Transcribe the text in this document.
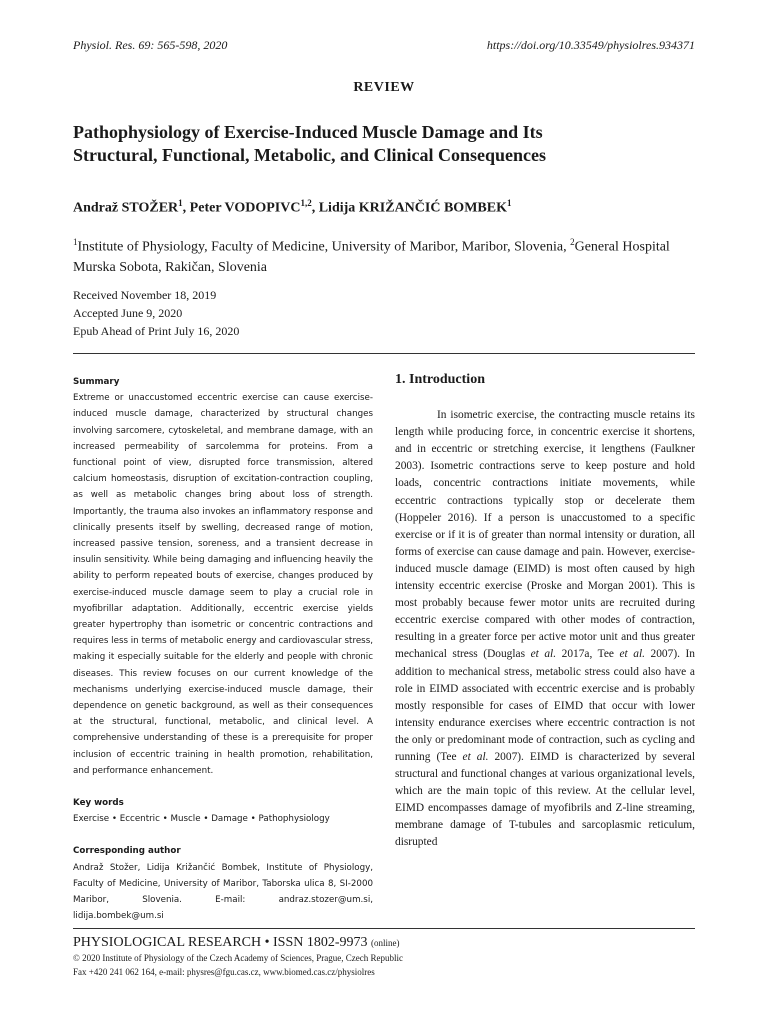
Physiol. Res. 69: 565-598, 2020	https://doi.org/10.33549/physiolres.934371
REVIEW
Pathophysiology of Exercise-Induced Muscle Damage and Its
Structural, Functional, Metabolic, and Clinical Consequences
Andraž STOŽER$^1$, Peter VODOPIVC$^{1,2}$, Lidija KRIŽANČIĆ BOMBEK$^1$
$^1$Institute of Physiology, Faculty of Medicine, University of Maribor, Maribor, Slovenia, $^2$General Hospital Murska Sobota, Rakičan, Slovenia
Received November 18, 2019
Accepted June 9, 2020
Epub Ahead of Print July 16, 2020

Summary

Extreme or unaccustomed eccentric exercise can cause exercise-induced muscle damage, characterized by structural changes involving sarcomere, cytoskeletal, and membrane damage, with an increased permeability of sarcolemma for proteins. From a functional point of view, disrupted force transmission, altered calcium homeostasis, disruption of excitation-contraction coupling, as well as metabolic changes bring about loss of strength. Importantly, the trauma also invokes an inflammatory response and clinically presents itself by swelling, decreased range of motion, increased passive tension, soreness, and a transient decrease in insulin sensitivity. While being damaging and influencing heavily the ability to perform repeated bouts of exercise, changes produced by exercise-induced muscle damage seem to play a crucial role in myofibrillar adaptation. Additionally, eccentric exercise yields greater hypertrophy than isometric or concentric contractions and requires less in terms of metabolic energy and cardiovascular stress, making it especially suitable for the elderly and people with chronic diseases. This review focuses on our current knowledge of the mechanisms underlying exercise-induced muscle damage, their dependence on genetic background, as well as their consequences at the structural, functional, metabolic, and clinical level. A comprehensive understanding of these is a prerequisite for proper inclusion of eccentric training in health promotion, rehabilitation, and performance enhancement.

Key words

Exercise • Eccentric • Muscle • Damage • Pathophysiology

Corresponding author

Andraž Stožer, Lidija Križančić Bombek, Institute of Physiology, Faculty of Medicine, University of Maribor, Taborska ulica 8, SI-2000 Maribor, Slovenia. E-mail: andraz.stozer@um.si, lidija.bombek@um.si

1. Introduction

In isometric exercise, the contracting muscle retains its length while producing force, in concentric exercise it shortens, and in eccentric or stretching exercise, it lengthens (Faulkner 2003). Isometric contractions serve to keep posture and hold loads, concentric contractions initiate movements, while eccentric contractions typically stop or decelerate them (Hoppeler 2016). If a person is unaccustomed to a specific exercise or if it is of greater than normal intensity or duration, all forms of exercise can cause damage and pain. However, exercise-induced muscle damage (EIMD) is most often caused by high intensity eccentric exercise (Proske and Morgan 2001). This is most probably because fewer motor units are recruited during eccentric exercise compared with other modes of contraction, resulting in a greater force per active motor unit and thus greater mechanical stress (Douglas et al. 2017a, Tee et al. 2007). In addition to mechanical stress, metabolic stress could also have a role in EIMD associated with eccentric exercise and is probably mostly responsible for cases of EIMD that occur with lower intensity endurance exercises where eccentric contraction is not the only or predominant mode of contraction, such as cycling and running (Tee et al. 2007). EIMD is characterized by several structural and functional changes at various organizational levels, which are the main topic of this review. At the cellular level, EIMD encompasses damage of myofibrils and Z-line streaming, membrane damage of T-tubules and sarcoplasmic reticulum, disrupted

PHYSIOLOGICAL RESEARCH • ISSN 1802-9973 (online)
© 2020 Institute of Physiology of the Czech Academy of Sciences, Prague, Czech Republic
Fax +420 241 062 164, e-mail: physres@fgu.cas.cz, www.biomed.cas.cz/physiolres
